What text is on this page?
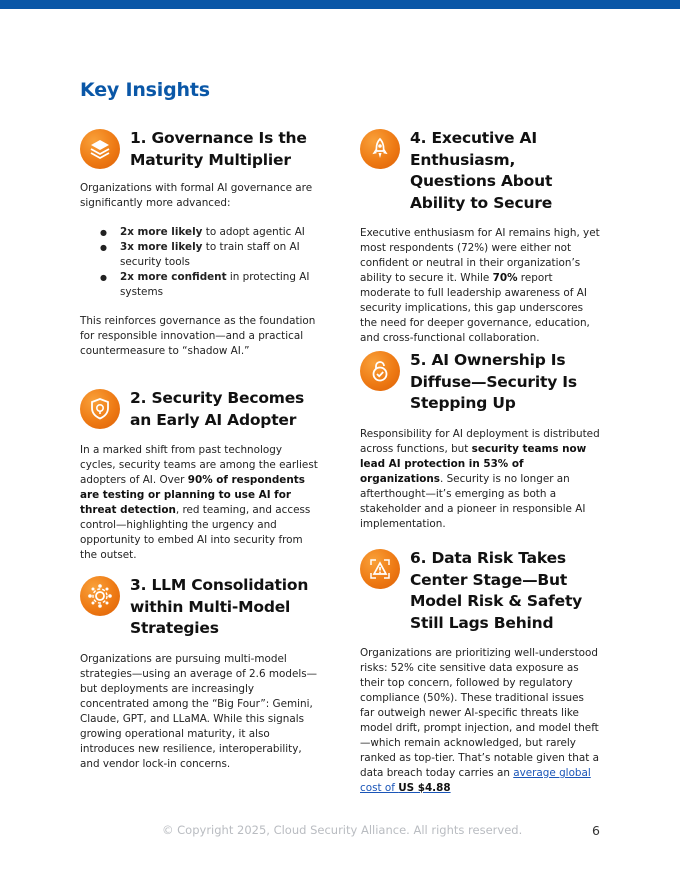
Key Insights
1. Governance Is the Maturity Multiplier

Organizations with formal AI governance are significantly more advanced:

● 2x more likely to adopt agentic AI
● 3x more likely to train staff on AI security tools
● 2x more confident in protecting AI systems

This reinforces governance as the foundation for responsible innovation—and a practical countermeasure to “shadow AI.”

2. Security Becomes an Early AI Adopter

In a marked shift from past technology cycles, security teams are among the earliest adopters of AI. Over 90% of respondents are testing or planning to use AI for threat detection, red teaming, and access control—highlighting the urgency and opportunity to embed AI into security from the outset.

3. LLM Consolidation within Multi-Model Strategies

Organizations are pursuing multi-model strategies—using an average of 2.6 models—but deployments are increasingly concentrated among the “Big Four”: Gemini, Claude, GPT, and LLaMA. While this signals growing operational maturity, it also introduces new resilience, interoperability, and vendor lock-in concerns.

4. Executive AI Enthusiasm, Questions About Ability to Secure

Executive enthusiasm for AI remains high, yet most respondents (72%) were either not confident or neutral in their organization’s ability to secure it. While 70% report moderate to full leadership awareness of AI security implications, this gap underscores the need for deeper governance, education, and cross-functional collaboration.

5. AI Ownership Is Diffuse—Security Is Stepping Up

Responsibility for AI deployment is distributed across functions, but security teams now lead AI protection in 53% of organizations. Security is no longer an afterthought—it’s emerging as both a stakeholder and a pioneer in responsible AI implementation.

6. Data Risk Takes Center Stage—But Model Risk & Safety Still Lags Behind

Organizations are prioritizing well-understood risks: 52% cite sensitive data exposure as their top concern, followed by regulatory compliance (50%). These traditional issues far outweigh newer AI-specific threats like model drift, prompt injection, and model theft—which remain acknowledged, but rarely ranked as top-tier. That’s notable given that a data breach today carries an average global cost of US $4.88

© Copyright 2025, Cloud Security Alliance. All rights reserved.	6
